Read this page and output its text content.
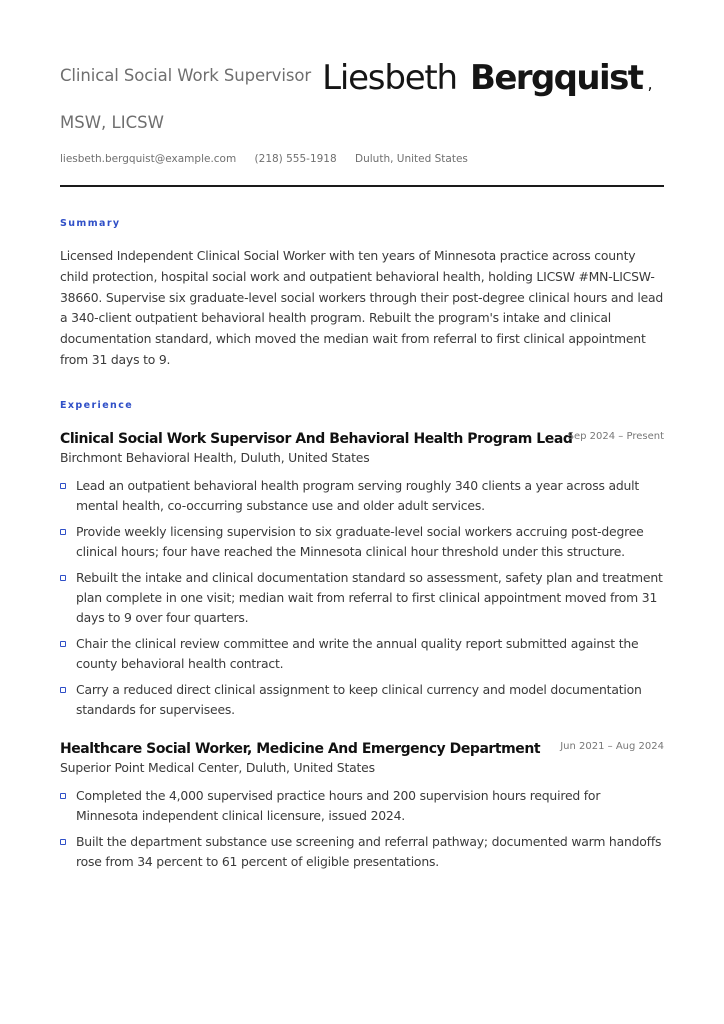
Clinical Social Work Supervisor Liesbeth Bergquist ,
MSW, LICSW
liesbeth.bergquist@example.com (218) 555-1918 Duluth, United States
Summary

Licensed Independent Clinical Social Worker with ten years of Minnesota practice across county child protection, hospital social work and outpatient behavioral health, holding LICSW #MN-LICSW-38660. Supervise six graduate-level social workers through their post-degree clinical hours and lead a 340-client outpatient behavioral health program. Rebuilt the program's intake and clinical documentation standard, which moved the median wait from referral to first clinical appointment from 31 days to 9.

Experience
Clinical Social Work Supervisor And Behavioral Health Program Lead
Sep 2024 – Present
Birchmont Behavioral Health, Duluth, United States
Lead an outpatient behavioral health program serving roughly 340 clients a year across adult mental health, co-occurring substance use and older adult services.
Provide weekly licensing supervision to six graduate-level social workers accruing post-degree clinical hours; four have reached the Minnesota clinical hour threshold under this structure.
Rebuilt the intake and clinical documentation standard so assessment, safety plan and treatment plan complete in one visit; median wait from referral to first clinical appointment moved from 31 days to 9 over four quarters.
Chair the clinical review committee and write the annual quality report submitted against the county behavioral health contract.
Carry a reduced direct clinical assignment to keep clinical currency and model documentation standards for supervisees.
Healthcare Social Worker, Medicine And Emergency Department Jun 2021 – Aug 2024
Superior Point Medical Center, Duluth, United States
Completed the 4,000 supervised practice hours and 200 supervision hours required for Minnesota independent clinical licensure, issued 2024.
Built the department substance use screening and referral pathway; documented warm handoffs rose from 34 percent to 61 percent of eligible presentations.
